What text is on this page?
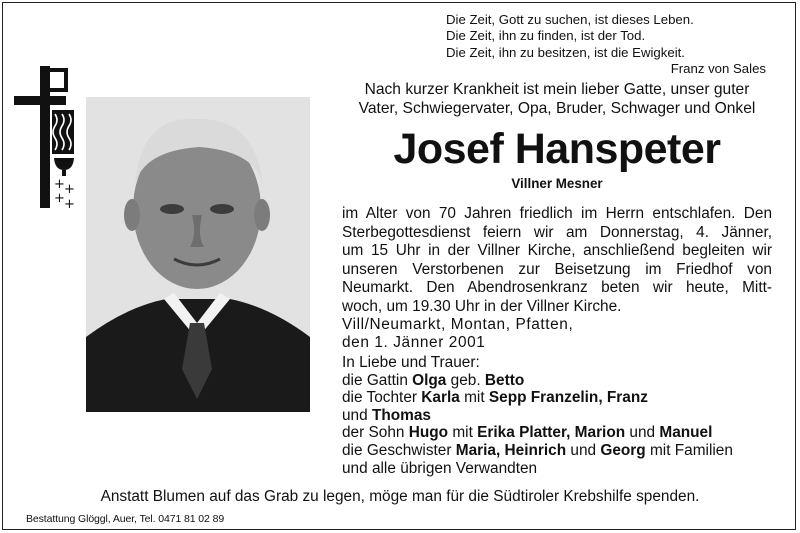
Die Zeit, Gott zu suchen, ist dieses Leben.
Die Zeit, ihn zu finden, ist der Tod.
Die Zeit, ihn zu besitzen, ist die Ewigkeit.
Franz von Sales
+ +
+ +
Nach kurzer Krankheit ist mein lieber Gatte, unser guter
Vater, Schwiegervater, Opa, Bruder, Schwager und Onkel
Josef Hanspeter
Villner Mesner
im Alter von 70 Jahren friedlich im Herrn entschlafen. Den
Sterbegottesdienst feiern wir am Donnerstag, 4. Jänner,
um 15 Uhr in der Villner Kirche, anschließend begleiten wir
unseren Verstorbenen zur Beisetzung im Friedhof von
Neumarkt. Den Abendrosenkranz beten wir heute, Mitt-
woch, um 19.30 Uhr in der Villner Kirche.
Vill/Neumarkt, Montan, Pfatten,
den 1. Jänner 2001
In Liebe und Trauer:
die Gattin Olga geb. Betto
die Tochter Karla mit Sepp Franzelin, Franz
und Thomas
der Sohn Hugo mit Erika Platter, Marion und Manuel
die Geschwister Maria, Heinrich und Georg mit Familien
und alle übrigen Verwandten
Anstatt Blumen auf das Grab zu legen, möge man für die Südtiroler Krebshilfe spenden.
Bestattung Glöggl, Auer, Tel. 0471 81 02 89
